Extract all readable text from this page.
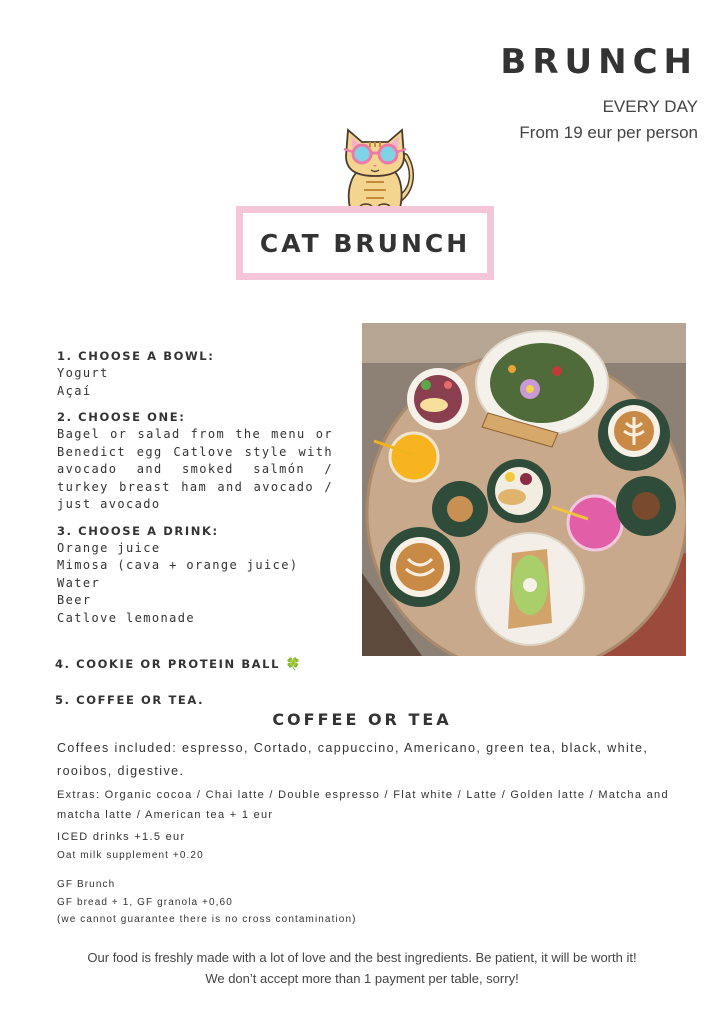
BRUNCH
EVERY DAY
From 19 eur per person
CAT BRUNCH
1. CHOOSE A BOWL:
Yogurt
Açaí
2. CHOOSE ONE:
Bagel or salad from the menu or Benedict egg Catlove style with avocado and smoked salmón / turkey breast ham and avocado / just avocado
3. CHOOSE A DRINK:
Orange juice
Mimosa (cava + orange juice)
Water
Beer
Catlove lemonade
4. COOKIE OR PROTEIN BALL 🍀
5. COFFEE OR TEA.
COFFEE OR TEA
Coffees included: espresso, Cortado, cappuccino, Americano, green tea, black, white, rooibos, digestive.
Extras: Organic cocoa / Chai latte / Double espresso / Flat white / Latte / Golden latte / Matcha and matcha latte / American tea + 1 eur
ICED drinks +1.5 eur
Oat milk supplement +0.20
GF Brunch
GF bread + 1, GF granola +0,60
(we cannot guarantee there is no cross contamination)
Our food is freshly made with a lot of love and the best ingredients. Be patient, it will be worth it!
We don’t accept more than 1 payment per table, sorry!
